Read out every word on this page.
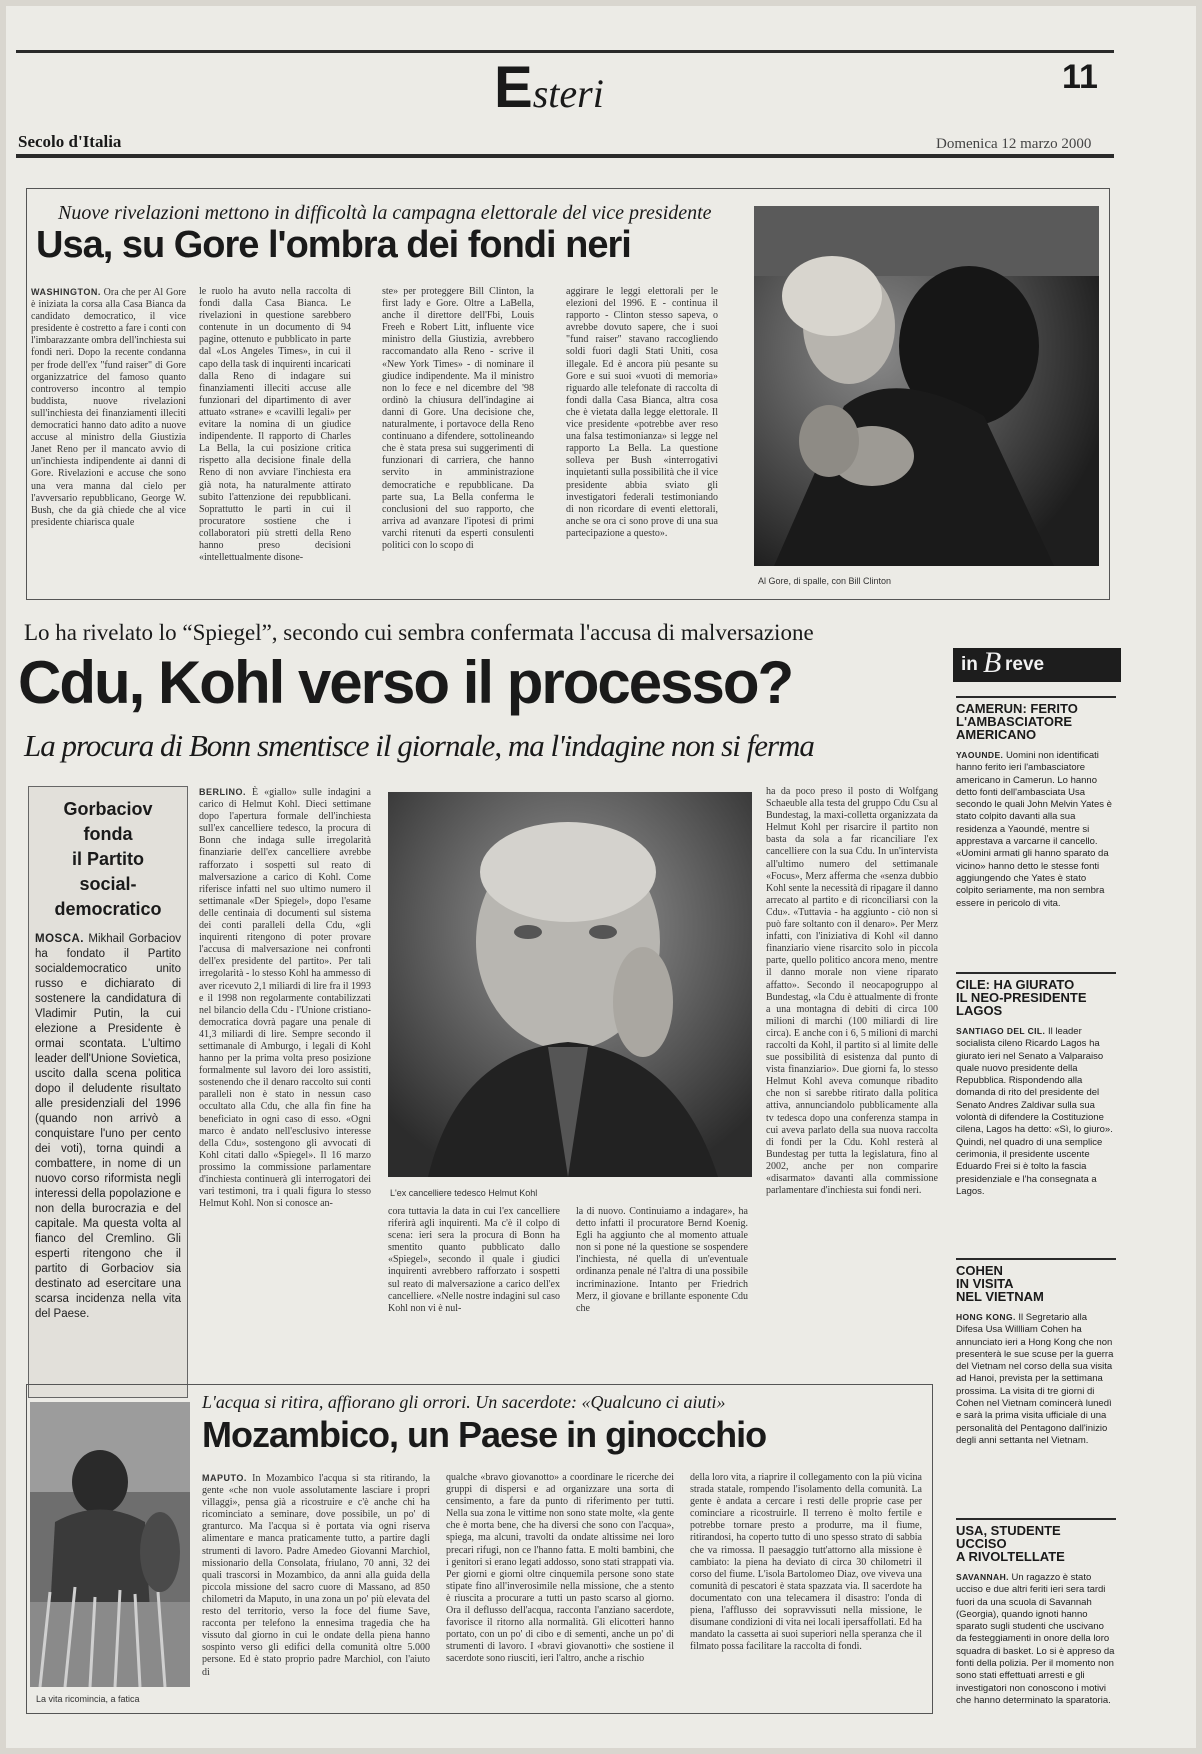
Esteri	11
Secolo d'Italia	Domenica 12 marzo 2000
Nuove rivelazioni mettono in difficoltà la campagna elettorale del vice presidente
Usa, su Gore l'ombra dei fondi neri
WASHINGTON. Ora che per Al Gore è iniziata la corsa alla Casa Bianca da candidato democratico, il vice presidente è costretto a fare i conti con l'imbarazzante ombra dell'inchiesta sui fondi neri. Dopo la recente condanna per frode dell'ex "fund raiser" di Gore organizzatrice del famoso quanto controverso incontro al tempio buddista, nuove rivelazioni sull'inchiesta dei finanziamenti illeciti democratici hanno dato adito a nuove accuse al ministro della Giustizia Janet Reno per il mancato avvio di un'inchiesta indipendente ai danni di Gore. Rivelazioni e accuse che sono una vera manna dal cielo per l'avversario repubblicano, George W. Bush, che da già chiede che al vice presidente chiarisca quale
le ruolo ha avuto nella raccolta di fondi dalla Casa Bianca. Le rivelazioni in questione sarebbero contenute in un documento di 94 pagine, ottenuto e pubblicato in parte dal «Los Angeles Times», in cui il capo della task di inquirenti incaricati dalla Reno di indagare sui finanziamenti illeciti accuse alle funzionari del dipartimento di aver attuato «strane» e «cavilli legali» per evitare la nomina di un giudice indipendente. Il rapporto di Charles La Bella, la cui posizione critica rispetto alla decisione finale della Reno di non avviare l'inchiesta era già nota, ha naturalmente attirato subito l'attenzione dei repubblicani. Soprattutto le parti in cui il procuratore sostiene che i collaboratori più stretti della Reno hanno preso decisioni «intellettualmente disone-
ste» per proteggere Bill Clinton, la first lady e Gore. Oltre a LaBella, anche il direttore dell'Fbi, Louis Freeh e Robert Litt, influente vice ministro della Giustizia, avrebbero raccomandato alla Reno - scrive il «New York Times» - di nominare il giudice indipendente. Ma il ministro non lo fece e nel dicembre del '98 ordinò la chiusura dell'indagine ai danni di Gore. Una decisione che, naturalmente, i portavoce della Reno continuano a difendere, sottolineando che è stata presa sui suggerimenti di funzionari di carriera, che hanno servito in amministrazione democratiche e repubblicane. Da parte sua, La Bella conferma le conclusioni del suo rapporto, che arriva ad avanzare l'ipotesi di primi varchi ritenuti da esperti consulenti politici con lo scopo di
aggirare le leggi elettorali per le elezioni del 1996. E - continua il rapporto - Clinton stesso sapeva, o avrebbe dovuto sapere, che i suoi "fund raiser" stavano raccogliendo soldi fuori dagli Stati Uniti, cosa illegale. Ed è ancora più pesante su Gore e sui suoi «vuoti di memoria» riguardo alle telefonate di raccolta di fondi dalla Casa Bianca, altra cosa che è vietata dalla legge elettorale. Il vice presidente «potrebbe aver reso una falsa testimonianza» si legge nel rapporto La Bella. La questione solleva per Bush «interrogativi inquietanti sulla possibilità che il vice presidente abbia sviato gli investigatori federali testimoniando di non ricordare di eventi elettorali, anche se ora ci sono prove di una sua partecipazione a questo».
Al Gore, di spalle, con Bill Clinton
Lo ha rivelato lo “Spiegel”, secondo cui sembra confermata l'accusa di malversazione
Cdu, Kohl verso il processo?
La procura di Bonn smentisce il giornale, ma l'indagine non si ferma
BERLINO. È «giallo» sulle indagini a carico di Helmut Kohl. Dieci settimane dopo l'apertura formale dell'inchiesta sull'ex cancelliere tedesco, la procura di Bonn che indaga sulle irregolarità finanziarie dell'ex cancelliere avrebbe rafforzato i sospetti sul reato di malversazione a carico di Kohl. Come riferisce infatti nel suo ultimo numero il settimanale «Der Spiegel», dopo l'esame delle centinaia di documenti sul sistema dei conti paralleli della Cdu, «gli inquirenti ritengono di poter provare l'accusa di malversazione nei confronti dell'ex presidente del partito». Per tali irregolarità - lo stesso Kohl ha ammesso di aver ricevuto 2,1 miliardi di lire fra il 1993 e il 1998 non regolarmente contabilizzati nel bilancio della Cdu - l'Unione cristiano-democratica dovrà pagare una penale di 41,3 miliardi di lire. Sempre secondo il settimanale di Amburgo, i legali di Kohl hanno per la prima volta preso posizione formalmente sul lavoro dei loro assistiti, sostenendo che il denaro raccolto sui conti paralleli non è stato in nessun caso occultato alla Cdu, che alla fin fine ha beneficiato in ogni caso di esso. «Ogni marco è andato nell'esclusivo interesse della Cdu», sostengono gli avvocati di Kohl citati dallo «Spiegel». Il 16 marzo prossimo la commissione parlamentare d'inchiesta continuerà gli interrogatori dei vari testimoni, tra i quali figura lo stesso Helmut Kohl. Non si conosce an-
L'ex cancelliere tedesco Helmut Kohl
cora tuttavia la data in cui l'ex cancelliere riferirà agli inquirenti. Ma c'è il colpo di scena: ieri sera la procura di Bonn ha smentito quanto pubblicato dallo «Spiegel», secondo il quale i giudici inquirenti avrebbero rafforzato i sospetti sul reato di malversazione a carico dell'ex cancelliere. «Nelle nostre indagini sul caso Kohl non vi è nul-
la di nuovo. Continuiamo a indagare», ha detto infatti il procuratore Bernd Koenig. Egli ha aggiunto che al momento attuale non si pone né la questione se sospendere l'inchiesta, né quella di un'eventuale ordinanza penale né l'altra di una possibile incriminazione. Intanto per Friedrich Merz, il giovane e brillante esponente Cdu che
ha da poco preso il posto di Wolfgang Schaeuble alla testa del gruppo Cdu Csu al Bundestag, la maxi-colletta organizzata da Helmut Kohl per risarcire il partito non basta da sola a far ricanciliare l'ex cancelliere con la sua Cdu. In un'intervista all'ultimo numero del settimanale «Focus», Merz afferma che «senza dubbio Kohl sente la necessità di ripagare il danno arrecato al partito e di riconciliarsi con la Cdu». «Tuttavia - ha aggiunto - ciò non si può fare soltanto con il denaro». Per Merz infatti, con l'iniziativa di Kohl «il danno finanziario viene risarcito solo in piccola parte, quello politico ancora meno, mentre il danno morale non viene riparato affatto». Secondo il neocapogruppo al Bundestag, «la Cdu è attualmente di fronte a una montagna di debiti di circa 100 milioni di marchi (100 miliardi di lire circa). E anche con i 6, 5 milioni di marchi raccolti da Kohl, il partito sì al limite delle sue possibilità di esistenza dal punto di vista finanziario». Due giorni fa, lo stesso Helmut Kohl aveva comunque ribadito che non si sarebbe ritirato dalla politica attiva, annunciandolo pubblicamente alla tv tedesca dopo una conferenza stampa in cui aveva parlato della sua nuova raccolta di fondi per la Cdu. Kohl resterà al Bundestag per tutta la legislatura, fino al 2002, anche per non comparire «disarmato» davanti alla commissione parlamentare d'inchiesta sui fondi neri.
Gorbaciov
fonda
il Partito
social-
democratico
MOSCA. Mikhail Gorbaciov ha fondato il Partito socialdemocratico unito russo e dichiarato di sostenere la candidatura di Vladimir Putin, la cui elezione a Presidente è ormai scontata. L'ultimo leader dell'Unione Sovietica, uscito dalla scena politica dopo il deludente risultato alle presidenziali del 1996 (quando non arrivò a conquistare l'uno per cento dei voti), torna quindi a combattere, in nome di un nuovo corso riformista negli interessi della popolazione e non della burocrazia e del capitale. Ma questa volta al fianco del Cremlino. Gli esperti ritengono che il partito di Gorbaciov sia destinato ad esercitare una scarsa incidenza nella vita del Paese.
in B reve
CAMERUN: FERITO
L'AMBASCIATORE
AMERICANO
YAOUNDE. Uomini non identificati hanno ferito ieri l'ambasciatore americano in Camerun. Lo hanno detto fonti dell'ambasciata Usa secondo le quali John Melvin Yates è stato colpito davanti alla sua residenza a Yaoundé, mentre si apprestava a varcarne il cancello. «Uomini armati gli hanno sparato da vicino» hanno detto le stesse fonti aggiungendo che Yates è stato colpito seriamente, ma non sembra essere in pericolo di vita.
CILE: HA GIURATO
IL NEO-PRESIDENTE
LAGOS
SANTIAGO DEL CIL. Il leader socialista cileno Ricardo Lagos ha giurato ieri nel Senato a Valparaiso quale nuovo presidente della Repubblica. Rispondendo alla domanda di rito del presidente del Senato Andres Zaldivar sulla sua volontà di difendere la Costituzione cilena, Lagos ha detto: «Sì, lo giuro». Quindi, nel quadro di una semplice cerimonia, il presidente uscente Eduardo Frei si è tolto la fascia presidenziale e l'ha consegnata a Lagos.
COHEN
IN VISITA
NEL VIETNAM
HONG KONG. Il Segretario alla Difesa Usa Willliam Cohen ha annunciato ieri a Hong Kong che non presenterà le sue scuse per la guerra del Vietnam nel corso della sua visita ad Hanoi, prevista per la settimana prossima. La visita di tre giorni di Cohen nel Vietnam comincerà lunedì e sarà la prima visita ufficiale di una personalità del Pentagono dall'inizio degli anni settanta nel Vietnam.
USA, STUDENTE
UCCISO
A RIVOLTELLATE
SAVANNAH. Un ragazzo è stato ucciso e due altri feriti ieri sera tardi fuori da una scuola di Savannah (Georgia), quando ignoti hanno sparato sugli studenti che uscivano da festeggiamenti in onore della loro squadra di basket. Lo si è appreso da fonti della polizia. Per il momento non sono stati effettuati arresti e gli investigatori non conoscono i motivi che hanno determinato la sparatoria.
L'acqua si ritira, affiorano gli orrori. Un sacerdote: «Qualcuno ci aiuti»
Mozambico, un Paese in ginocchio
La vita ricomincia, a fatica
MAPUTO. In Mozambico l'acqua si sta ritirando, la gente «che non vuole assolutamente lasciare i propri villaggi», pensa già a ricostruire e c'è anche chi ha ricominciato a seminare, dove possibile, un po' di granturco. Ma l'acqua si è portata via ogni riserva alimentare e manca praticamente tutto, a partire dagli strumenti di lavoro. Padre Amedeo Giovanni Marchiol, missionario della Consolata, friulano, 70 anni, 32 dei quali trascorsi in Mozambico, da anni alla guida della piccola missione del sacro cuore di Massano, ad 850 chilometri da Maputo, in una zona un po' più elevata del resto del territorio, verso la foce del fiume Save, racconta per telefono la ennesima tragedia che ha vissuto dal giorno in cui le ondate della piena hanno sospinto verso gli edifici della comunità oltre 5.000 persone. Ed è stato proprio padre Marchiol, con l'aiuto di
qualche «bravo giovanotto» a coordinare le ricerche dei gruppi di dispersi e ad organizzare una sorta di censimento, a fare da punto di riferimento per tutti. Nella sua zona le vittime non sono state molte, «la gente che è morta bene, che ha diversi che sono con l'acqua», spiega, ma alcuni, travolti da ondate altissime nei loro precari rifugi, non ce l'hanno fatta. E molti bambini, che i genitori si erano legati addosso, sono stati strappati via. Per giorni e giorni oltre cinquemila persone sono state stipate fino all'inverosimile nella missione, che a stento è riuscita a procurare a tutti un pasto scarso al giorno. Ora il deflusso dell'acqua, racconta l'anziano sacerdote, favorisce il ritorno alla normalità. Gli elicotteri hanno portato, con un po' di cibo e di sementi, anche un po' di strumenti di lavoro. I «bravi giovanotti» che sostiene il sacerdote sono riusciti, ieri l'altro, anche a rischio
della loro vita, a riaprire il collegamento con la più vicina strada statale, rompendo l'isolamento della comunità. La gente è andata a cercare i resti delle proprie case per cominciare a ricostruirle. Il terreno è molto fertile e potrebbe tornare presto a produrre, ma il fiume, ritirandosi, ha coperto tutto di uno spesso strato di sabbia che va rimossa. Il paesaggio tutt'attorno alla missione è cambiato: la piena ha deviato di circa 30 chilometri il corso del fiume. L'isola Bartolomeo Diaz, ove viveva una comunità di pescatori è stata spazzata via. Il sacerdote ha documentato con una telecamera il disastro: l'onda di piena, l'afflusso dei sopravvissuti nella missione, le disumane condizioni di vita nei locali ipersaffollati. Ed ha mandato la cassetta ai suoi superiori nella speranza che il filmato possa facilitare la raccolta di fondi.
